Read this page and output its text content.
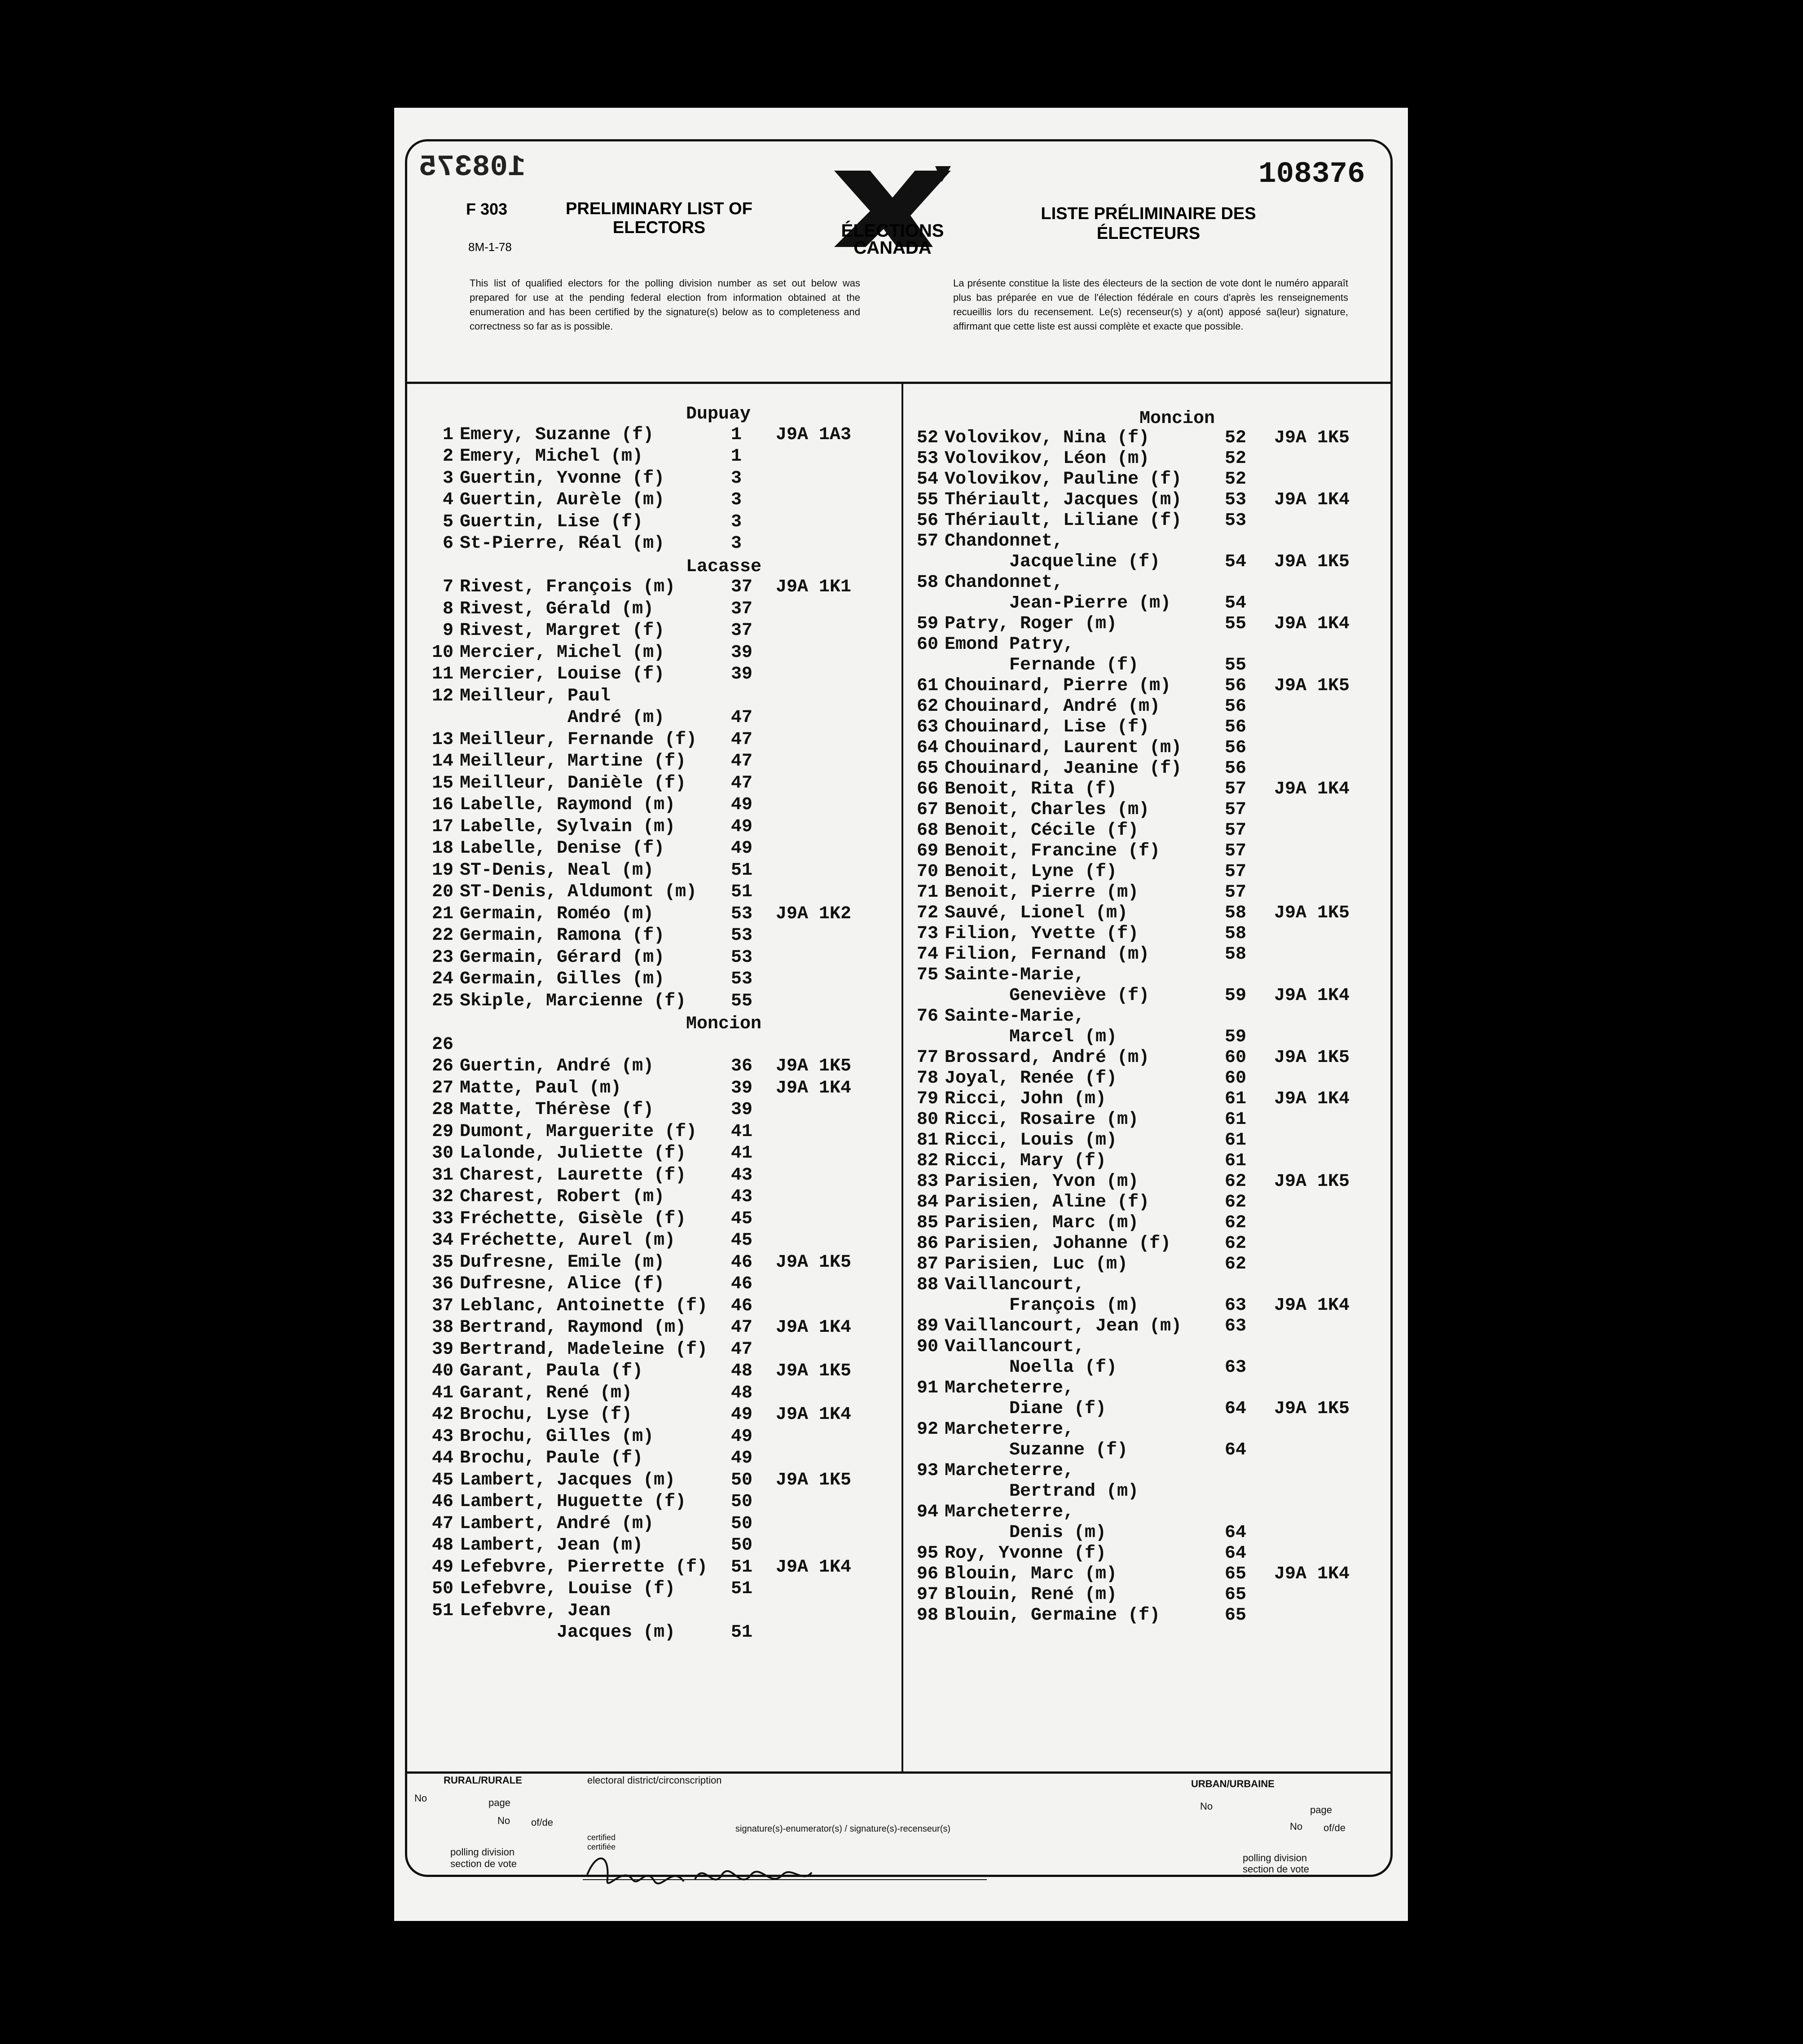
108375	108376
F 303
8M-1-78
PRELIMINARY LIST OF ELECTORS
LISTE PRÉLIMINAIRE DES ÉLECTEURS
ÉLECTIONS
CANADA
This list of qualified electors for the polling division number as set out below was prepared for use at the pending federal election from information obtained at the enumeration and has been certified by the signature(s) below as to completeness and correctness so far as is possible.
La présente constitue la liste des électeurs de la section de vote dont le numéro apparaît plus bas préparée en vue de l'élection fédérale en cours d'après les renseignements recueillis lors du recensement. Le(s) recenseur(s) y a(ont) apposé sa(leur) signature, affirmant que cette liste est aussi complète et exacte que possible.
Dupuay
1 Emery, Suzanne (f)	1 J9A 1A3
2 Emery, Michel (m)	1
3 Guertin, Yvonne (f)	3
4 Guertin, Aurèle (m)	3
5 Guertin, Lise (f)	3
6 St-Pierre, Réal (m)	3
Lacasse
7 Rivest, François (m)	37 J9A 1K1
8 Rivest, Gérald (m)	37
9 Rivest, Margret (f)	37
10 Mercier, Michel (m)	39
11 Mercier, Louise (f)	39
12 Meilleur, Paul
André (m)	47
13 Meilleur, Fernande (f) 47
14 Meilleur, Martine (f) 47
15 Meilleur, Danièle (f) 47
16 Labelle, Raymond (m)	49
17 Labelle, Sylvain (m)	49
18 Labelle, Denise (f)	49
19 ST-Denis, Neal (m)	51
20 ST-Denis, Aldumont (m) 51
21 Germain, Roméo (m)	53 J9A 1K2
22 Germain, Ramona (f)	53
23 Germain, Gérard (m)	53
24 Germain, Gilles (m)	53
25 Skiple, Marcienne (f) 55
Moncion
26
26 Guertin, André (m)	36 J9A 1K5
27 Matte, Paul (m)	39 J9A 1K4
28 Matte, Thérèse (f)	39
29 Dumont, Marguerite (f) 41
30 Lalonde, Juliette (f) 41
31 Charest, Laurette (f) 43
32 Charest, Robert (m)	43
33 Fréchette, Gisèle (f) 45
34 Fréchette, Aurel (m)	45
35 Dufresne, Emile (m)	46 J9A 1K5
36 Dufresne, Alice (f)	46
37 Leblanc, Antoinette (f) 46
38 Bertrand, Raymond (m) 47 J9A 1K4
39 Bertrand, Madeleine (f) 47
40 Garant, Paula (f)	48 J9A 1K5
41 Garant, René (m)	48
42 Brochu, Lyse (f)	49 J9A 1K4
43 Brochu, Gilles (m)	49
44 Brochu, Paule (f)	49
45 Lambert, Jacques (m)	50 J9A 1K5
46 Lambert, Huguette (f) 50
47 Lambert, André (m)	50
48 Lambert, Jean (m)	50
49 Lefebvre, Pierrette (f) 51 J9A 1K4
50 Lefebvre, Louise (f)	51
51 Lefebvre, Jean
Jacques (m)	51
Moncion
52 Volovikov, Nina (f)	52 J9A 1K5
53 Volovikov, Léon (m)	52
54 Volovikov, Pauline (f) 52
55 Thériault, Jacques (m) 53 J9A 1K4
56 Thériault, Liliane (f) 53
57 Chandonnet,
Jacqueline (f)	54 J9A 1K5
58 Chandonnet,
Jean-Pierre (m)	54
59 Patry, Roger (m)	55 J9A 1K4
60 Emond Patry,
Fernande (f)	55
61 Chouinard, Pierre (m)	56 J9A 1K5
62 Chouinard, André (m)	56
63 Chouinard, Lise (f)	56
64 Chouinard, Laurent (m) 56
65 Chouinard, Jeanine (f) 56
66 Benoit, Rita (f)	57 J9A 1K4
67 Benoit, Charles (m)	57
68 Benoit, Cécile (f)	57
69 Benoit, Francine (f)	57
70 Benoit, Lyne (f)	57
71 Benoit, Pierre (m)	57
72 Sauvé, Lionel (m)	58 J9A 1K5
73 Filion, Yvette (f)	58
74 Filion, Fernand (m)	58
75 Sainte-Marie,
Geneviève (f)	59 J9A 1K4
76 Sainte-Marie,
Marcel (m)	59
77 Brossard, André (m)	60 J9A 1K5
78 Joyal, Renée (f)	60
79 Ricci, John (m)	61 J9A 1K4
80 Ricci, Rosaire (m)	61
81 Ricci, Louis (m)	61
82 Ricci, Mary (f)	61
83 Parisien, Yvon (m)	62 J9A 1K5
84 Parisien, Aline (f)	62
85 Parisien, Marc (m)	62
86 Parisien, Johanne (f)	62
87 Parisien, Luc (m)	62
88 Vaillancourt,
François (m)	63 J9A 1K4
89 Vaillancourt, Jean (m) 63
90 Vaillancourt,
Noella (f)	63
91 Marcheterre,
Diane (f)	64 J9A 1K5
92 Marcheterre,
Suzanne (f)	64
93 Marcheterre,
Bertrand (m)
94 Marcheterre,
Denis (m)	64
95 Roy, Yvonne (f)	64
96 Blouin, Marc (m)	65 J9A 1K4
97 Blouin, René (m)	65
98 Blouin, Germaine (f)	65
RURAL/RURALE
No	page
No of/de
electoral district/circonscription
certified certifiée
signature(s)-enumerator(s) / signature(s)-recenseur(s)
polling division
section de vote
URBAN/URBAINE
No	page
No of/de
polling division
section de vote
